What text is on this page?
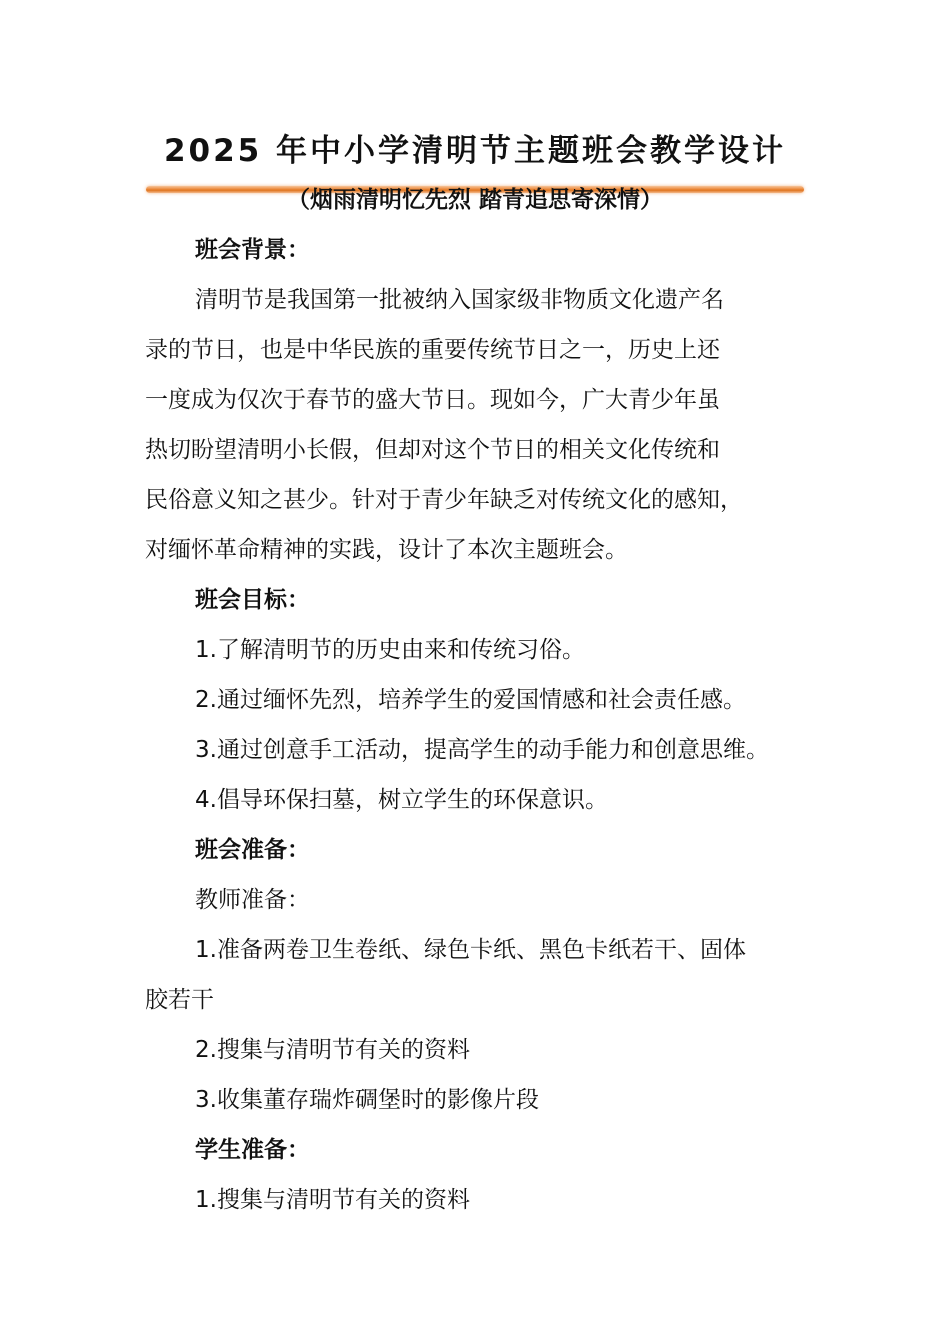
2025 年中小学清明节主题班会教学设计
（烟雨清明忆先烈 踏青追思寄深情）
班会背景：
清明节是我国第一批被纳入国家级非物质文化遗产名
录的节日，也是中华民族的重要传统节日之一，历史上还
一度成为仅次于春节的盛大节日。现如今，广大青少年虽
热切盼望清明小长假，但却对这个节日的相关文化传统和
民俗意义知之甚少。针对于青少年缺乏对传统文化的感知，
对缅怀革命精神的实践，设计了本次主题班会。
班会目标：
1.了解清明节的历史由来和传统习俗。
2.通过缅怀先烈，培养学生的爱国情感和社会责任感。
3.通过创意手工活动，提高学生的动手能力和创意思维。
4.倡导环保扫墓，树立学生的环保意识。
班会准备：
教师准备：
1.准备两卷卫生卷纸、绿色卡纸、黑色卡纸若干、固体
胶若干
2.搜集与清明节有关的资料
3.收集董存瑞炸碉堡时的影像片段
学生准备：
1.搜集与清明节有关的资料
